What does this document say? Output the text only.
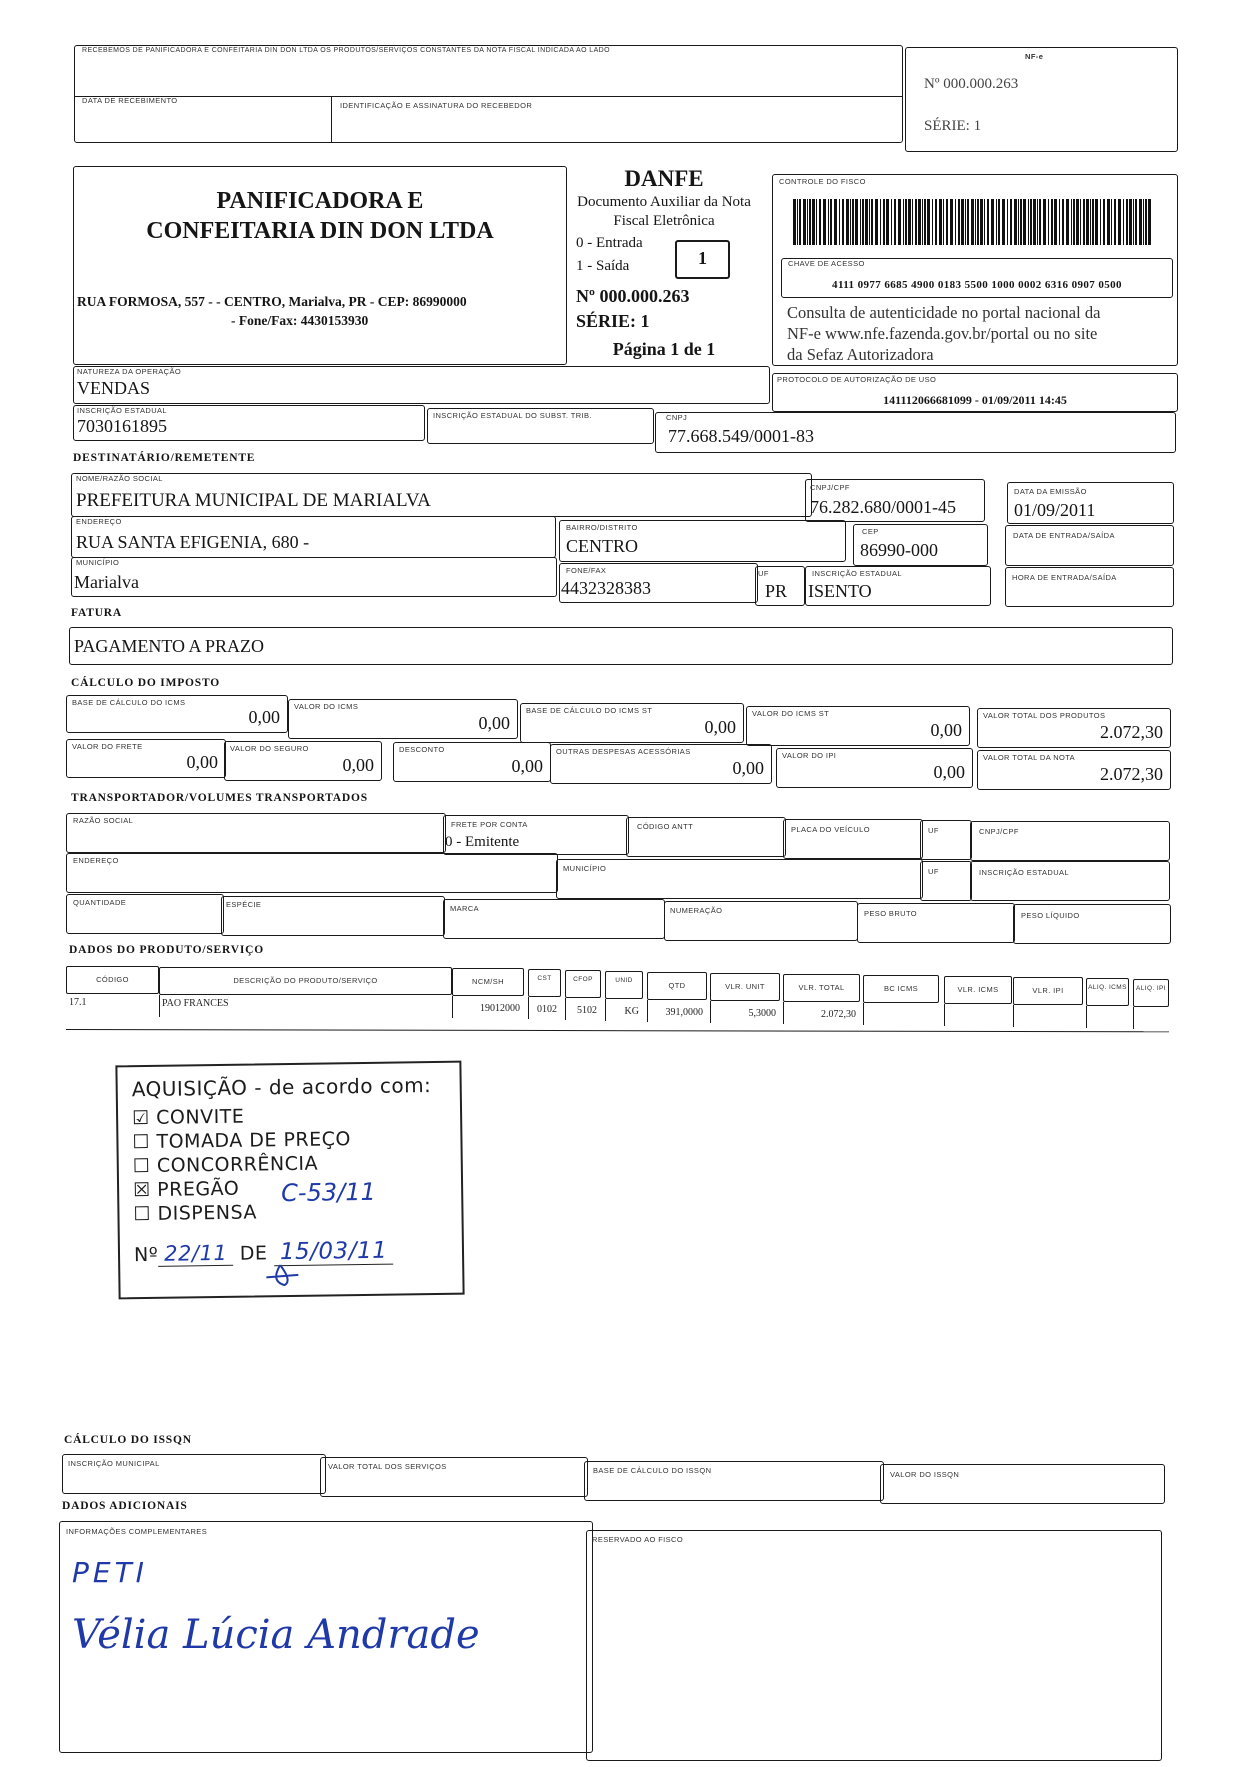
RECEBEMOS DE PANIFICADORA E CONFEITARIA DIN DON LTDA OS PRODUTOS/SERVIÇOS CONSTANTES DA NOTA FISCAL INDICADA AO LADO
DATA DE RECEBIMENTO
IDENTIFICAÇÃO E ASSINATURA DO RECEBEDOR
NF-e
Nº 000.000.263
SÉRIE: 1
PANIFICADORA E
CONFEITARIA DIN DON LTDA
RUA FORMOSA, 557 - - CENTRO, Marialva, PR - CEP: 86990000
- Fone/Fax: 4430153930
DANFE
Documento Auxiliar da Nota
Fiscal Eletrônica
0 - Entrada
1 - Saída	1
Nº 000.000.263
SÉRIE: 1
Página 1 de 1
CONTROLE DO FISCO
CHAVE DE ACESSO
4111 0977 6685 4900 0183 5500 1000 0002 6316 0907 0500
Consulta de autenticidade no portal nacional da
NF-e www.nfe.fazenda.gov.br/portal ou no site
da Sefaz Autorizadora
NATUREZA DA OPERAÇÃO
VENDAS	PROTOCOLO DE AUTORIZAÇÃO DE USO
141112066681099 - 01/09/2011 14:45
INSCRIÇÃO ESTADUAL
7030161895
INSCRIÇÃO ESTADUAL DO SUBST. TRIB.	CNPJ
77.668.549/0001-83
DESTINATÁRIO/REMETENTE
NOME/RAZÃO SOCIAL
PREFEITURA MUNICIPAL DE MARIALVA
CNPJ/CPF
76.282.680/0001-45
DATA DA EMISSÃO
01/09/2011
ENDEREÇO
RUA SANTA EFIGENIA, 680 -
BAIRRO/DISTRITO
CENTRO
CEP
86990-000
DATA DE ENTRADA/SAÍDA
MUNICÍPIO
Marialva
FONE/FAX
4432328383
UF
PR
INSCRIÇÃO ESTADUAL
ISENTO
HORA DE ENTRADA/SAÍDA
FATURA
PAGAMENTO A PRAZO
CÁLCULO DO IMPOSTO
BASE DE CÁLCULO DO ICMS
0,00
VALOR DO ICMS
0,00
BASE DE CÁLCULO DO ICMS ST
0,00
VALOR DO ICMS ST
0,00
VALOR TOTAL DOS PRODUTOS
2.072,30
VALOR DO FRETE
0,00
VALOR DO SEGURO
0,00
DESCONTO
0,00
OUTRAS DESPESAS ACESSÓRIAS
0,00
VALOR DO IPI
0,00
VALOR TOTAL DA NOTA
2.072,30
TRANSPORTADOR/VOLUMES TRANSPORTADOS
RAZÃO SOCIAL	FRETE POR CONTA
0 - Emitente
CÓDIGO ANTT	PLACA DO VEÍCULO	UF	CNPJ/CPF
ENDEREÇO
MUNICÍPIO	UF	INSCRIÇÃO ESTADUAL
QUANTIDADE	ESPÉCIE	MARCA	NUMERAÇÃO	PESO BRUTO	PESO LÍQUIDO
DADOS DO PRODUTO/SERVIÇO
CÓDIGO
17.1
DESCRIÇÃO DO PRODUTO/SERVIÇO
PAO FRANCES
NCM/SH
19012000
CST
0102
CFOP
5102
UNID
KG
QTD
391,0000
VLR. UNIT
5,3000
VLR. TOTAL
2.072,30
BC ICMS	VLR. ICMS	VLR. IPI	ALIQ. ICMS	ALIQ. IPI
AQUISIÇÃO - de acordo com:
☑ CONVITE
☐ TOMADA DE PREÇO
☐ CONCORRÊNCIA
☒ PREGÃO
☐ DISPENSA
Nº 22/11 DE 15/03/11
C-53/11
CÁLCULO DO ISSQN
INSCRIÇÃO MUNICIPAL	VALOR TOTAL DOS SERVIÇOS	BASE DE CÁLCULO DO ISSQN	VALOR DO ISSQN
DADOS ADICIONAIS
INFORMAÇÕES COMPLEMENTARES
RESERVADO AO FISCO
PETI
Vélia Lúcia Andrade
